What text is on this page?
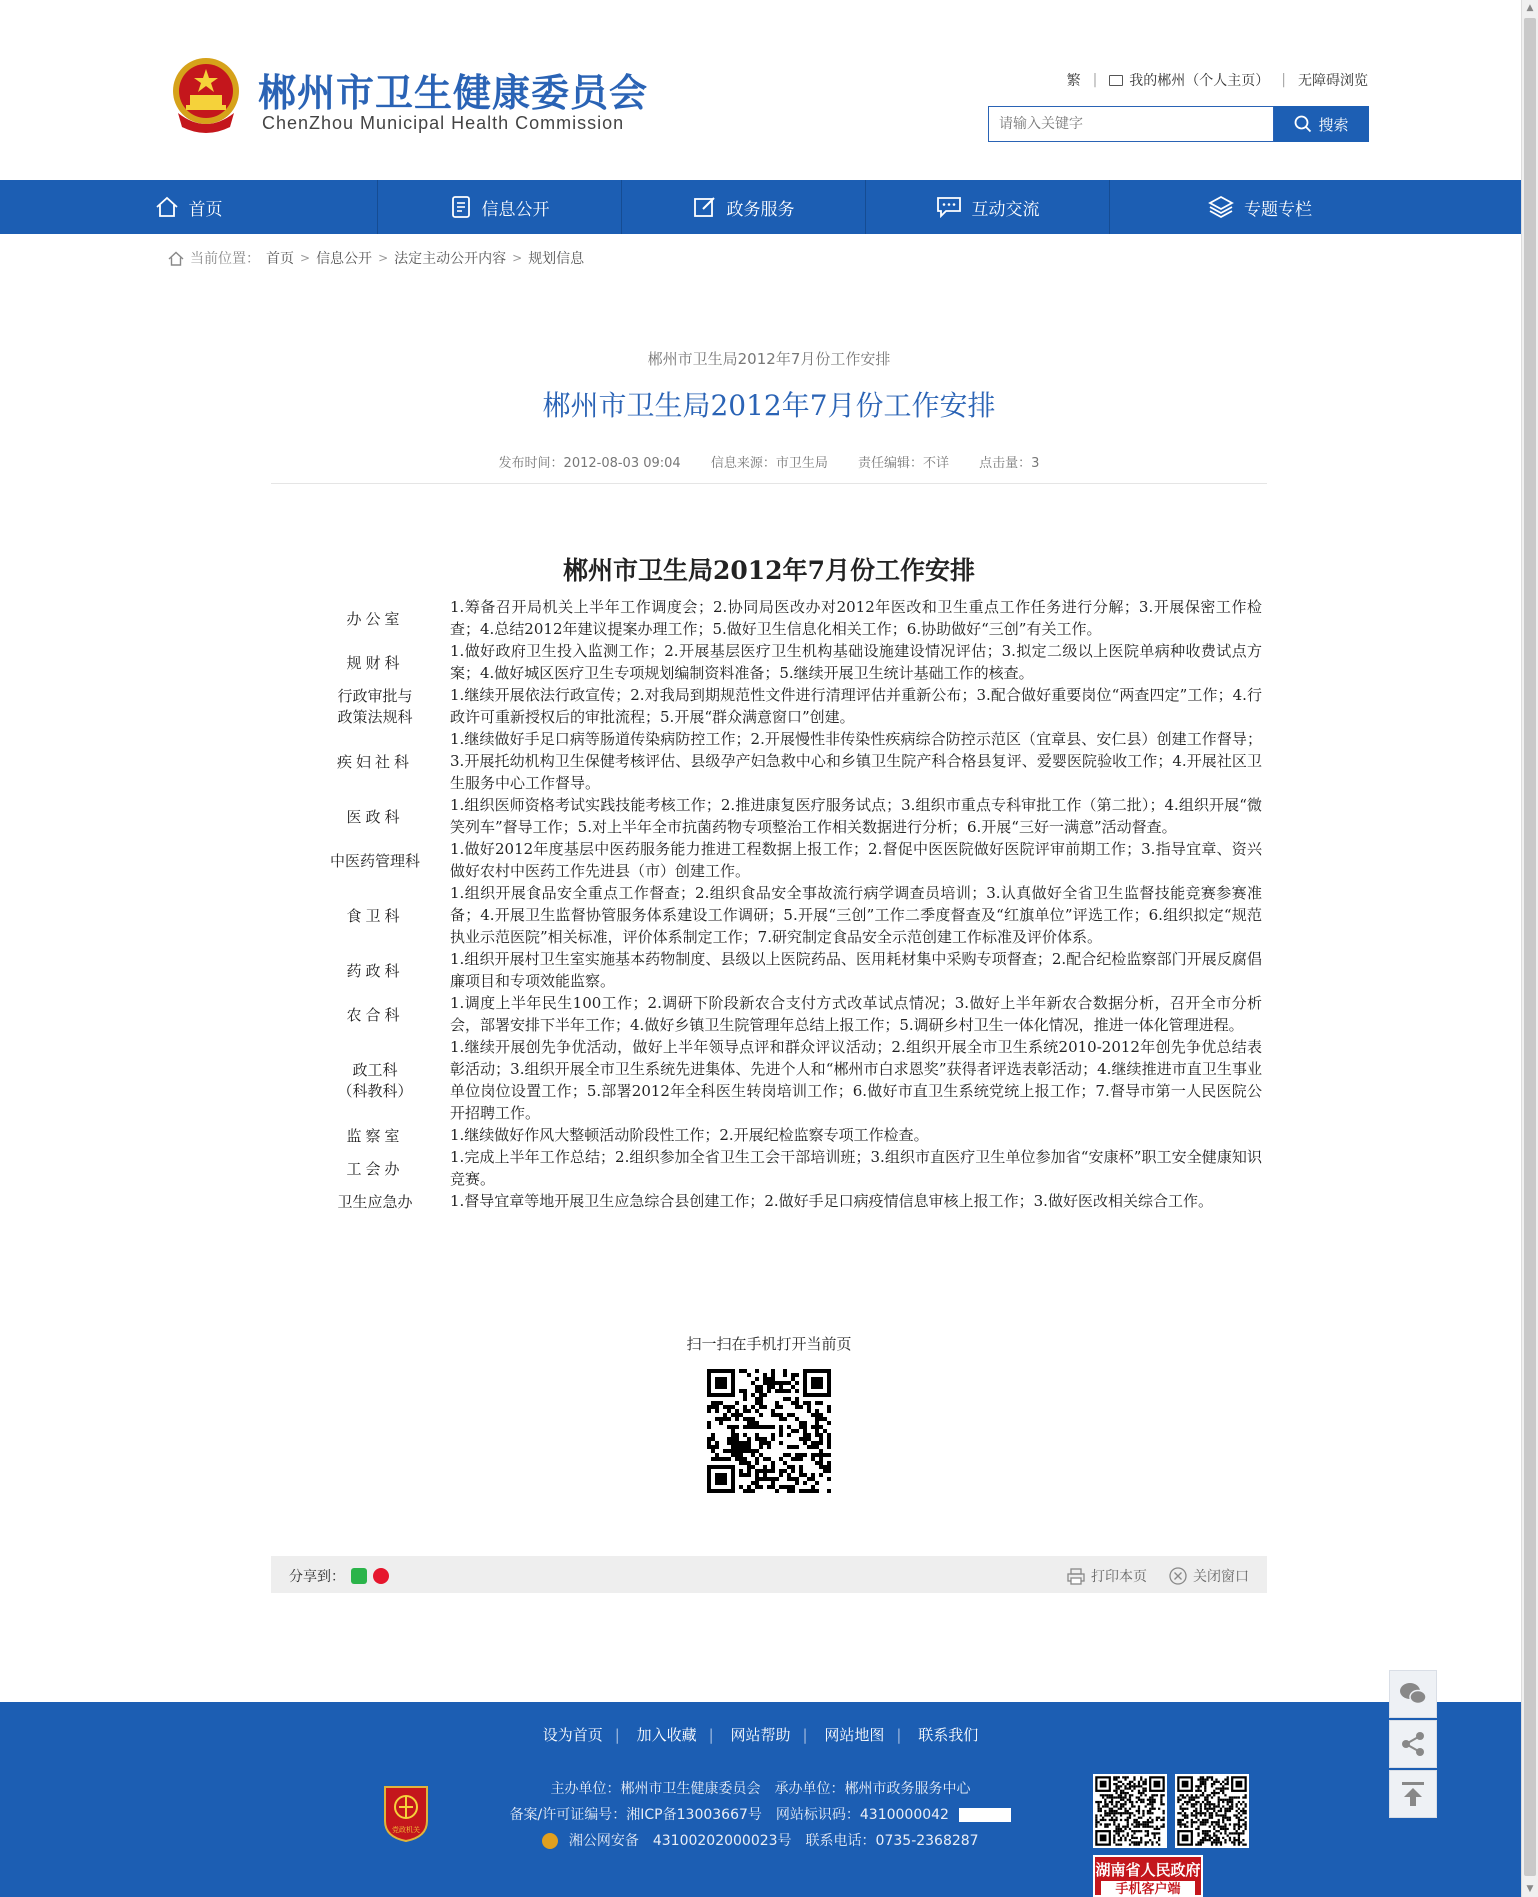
郴州市卫生健康委员会
ChenZhou Municipal Health Commission
繁 | 我的郴州（个人主页） | 无障碍浏览
请输入关键字
搜索
首页	信息公开	政务服务	互动交流	专题专栏
当前位置： 首页 > 信息公开 > 法定主动公开内容 > 规划信息
郴州市卫生局2012年7月份工作安排
郴州市卫生局2012年7月份工作安排
发布时间：2012-08-03 09:04 信息来源：市卫生局 责任编辑：不详 点击量：3
郴州市卫生局2012年7月份工作安排
办公室
1.筹备召开局机关上半年工作调度会；2.协同局医改办对2012年医改和卫生重点工作任务进行分解；3.开展保密工作检查；4.总结2012年建议提案办理工作；5.做好卫生信息化相关工作；6.协助做好“三创”有关工作。
规财科
1.做好政府卫生投入监测工作；2.开展基层医疗卫生机构基础设施建设情况评估；3.拟定二级以上医院单病种收费试点方案；4.做好城区医疗卫生专项规划编制资料准备；5.继续开展卫生统计基础工作的核查。
行政审批与
政策法规科
1.继续开展依法行政宣传；2.对我局到期规范性文件进行清理评估并重新公布；3.配合做好重要岗位“两查四定”工作；4.行政许可重新授权后的审批流程；5.开展“群众满意窗口”创建。
疾妇社科
1.继续做好手足口病等肠道传染病防控工作；2.开展慢性非传染性疾病综合防控示范区（宜章县、安仁县）创建工作督导；3.开展托幼机构卫生保健考核评估、县级孕产妇急救中心和乡镇卫生院产科合格县复评、爱婴医院验收工作；4.开展社区卫生服务中心工作督导。
医政科
1.组织医师资格考试实践技能考核工作；2.推进康复医疗服务试点；3.组织市重点专科审批工作（第二批）；4.组织开展“微笑列车”督导工作；5.对上半年全市抗菌药物专项整治工作相关数据进行分析；6.开展“三好一满意”活动督查。
中医药管理科
1.做好2012年度基层中医药服务能力推进工程数据上报工作；2.督促中医医院做好医院评审前期工作；3.指导宜章、资兴做好农村中医药工作先进县（市）创建工作。
食卫科
1.组织开展食品安全重点工作督查；2.组织食品安全事故流行病学调查员培训；3.认真做好全省卫生监督技能竞赛参赛准备；4.开展卫生监督协管服务体系建设工作调研；5.开展“三创”工作二季度督查及“红旗单位”评选工作；6.组织拟定“规范执业示范医院”相关标准，评价体系制定工作；7.研究制定食品安全示范创建工作标准及评价体系。
药政科
1.组织开展村卫生室实施基本药物制度、县级以上医院药品、医用耗材集中采购专项督查；2.配合纪检监察部门开展反腐倡廉项目和专项效能监察。
农合科
1.调度上半年民生100工作；2.调研下阶段新农合支付方式改革试点情况；3.做好上半年新农合数据分析，召开全市分析会，部署安排下半年工作；4.做好乡镇卫生院管理年总结上报工作；5.调研乡村卫生一体化情况，推进一体化管理进程。
政工科
（科教科）
1.继续开展创先争优活动，做好上半年领导点评和群众评议活动；2.组织开展全市卫生系统2010-2012年创先争优总结表彰活动；3.组织开展全市卫生系统先进集体、先进个人和“郴州市白求恩奖”获得者评选表彰活动；4.继续推进市直卫生事业单位岗位设置工作；5.部署2012年全科医生转岗培训工作；6.做好市直卫生系统党统上报工作；7.督导市第一人民医院公开招聘工作。
监察室	1.继续做好作风大整顿活动阶段性工作；2.开展纪检监察专项工作检查。
工会办
1.完成上半年工作总结；2.组织参加全省卫生工会干部培训班；3.组织市直医疗卫生单位参加省“安康杯”职工安全健康知识竞赛。
卫生应急办	1.督导宜章等地开展卫生应急综合县创建工作；2.做好手足口病疫情信息审核上报工作；3.做好医改相关综合工作。
扫一扫在手机打开当前页
分享到：	打印本页	关闭窗口
设为首页 | 加入收藏 | 网站帮助 | 网站地图 | 联系我们
党政机关
主办单位：郴州市卫生健康委员会　承办单位：郴州市政务服务中心
备案/许可证编号：湘ICP备13003667号　网站标识码：4310000042
湘公网安备　43100202000023号　联系电话：0735-2368287
湖南省人民政府
手机客户端
▲
▼
